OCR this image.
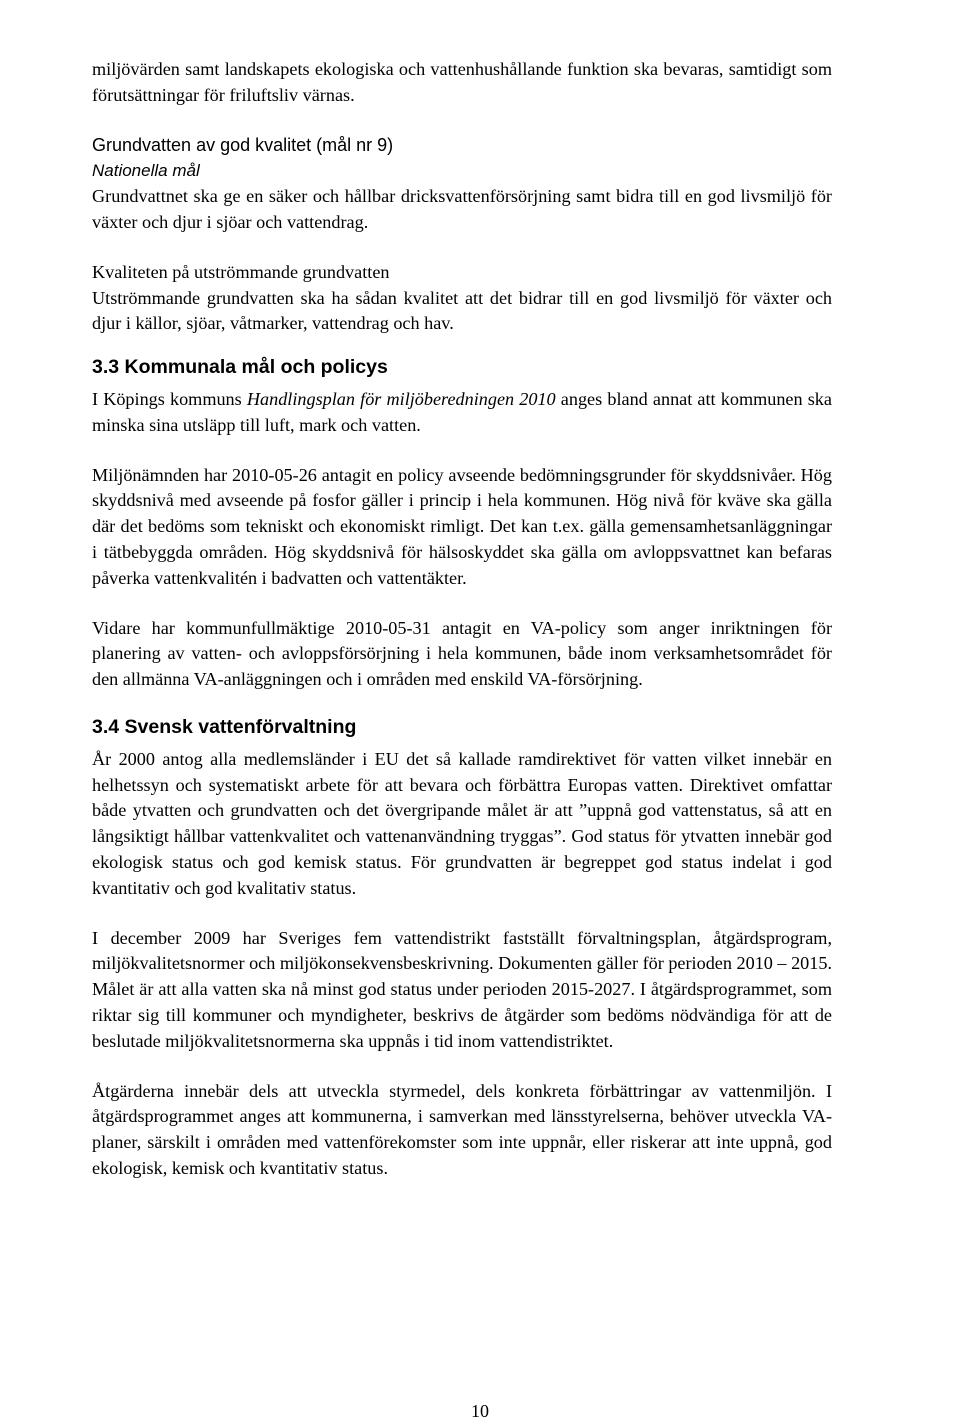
miljövärden samt landskapets ekologiska och vattenhushållande funktion ska bevaras, samtidigt som förutsättningar för friluftsliv värnas.

Grundvatten av god kvalitet (mål nr 9)

Nationella mål

Grundvattnet ska ge en säker och hållbar dricksvattenförsörjning samt bidra till en god livsmiljö för växter och djur i sjöar och vattendrag.

Kvaliteten på utströmmande grundvatten

Utströmmande grundvatten ska ha sådan kvalitet att det bidrar till en god livsmiljö för växter och djur i källor, sjöar, våtmarker, vattendrag och hav.

3.3 Kommunala mål och policys

I Köpings kommuns Handlingsplan för miljöberedningen 2010 anges bland annat att kommunen ska minska sina utsläpp till luft, mark och vatten.

Miljönämnden har 2010-05-26 antagit en policy avseende bedömningsgrunder för skyddsnivåer. Hög skyddsnivå med avseende på fosfor gäller i princip i hela kommunen. Hög nivå för kväve ska gälla där det bedöms som tekniskt och ekonomiskt rimligt. Det kan t.ex. gälla gemensamhetsanläggningar i tätbebyggda områden. Hög skyddsnivå för hälsoskyddet ska gälla om avloppsvattnet kan befaras påverka vattenkvalitén i badvatten och vattentäkter.

Vidare har kommunfullmäktige 2010-05-31 antagit en VA-policy som anger inriktningen för planering av vatten- och avloppsförsörjning i hela kommunen, både inom verksamhetsområdet för den allmänna VA-anläggningen och i områden med enskild VA-försörjning.

3.4 Svensk vattenförvaltning

År 2000 antog alla medlemsländer i EU det så kallade ramdirektivet för vatten vilket innebär en helhetssyn och systematiskt arbete för att bevara och förbättra Europas vatten. Direktivet omfattar både ytvatten och grundvatten och det övergripande målet är att ”uppnå god vattenstatus, så att en långsiktigt hållbar vattenkvalitet och vattenanvändning tryggas”. God status för ytvatten innebär god ekologisk status och god kemisk status. För grundvatten är begreppet god status indelat i god kvantitativ och god kvalitativ status.

I december 2009 har Sveriges fem vattendistrikt fastställt förvaltningsplan, åtgärdsprogram, miljökvalitetsnormer och miljökonsekvensbeskrivning. Dokumenten gäller för perioden 2010 – 2015. Målet är att alla vatten ska nå minst god status under perioden 2015-2027. I åtgärdsprogrammet, som riktar sig till kommuner och myndigheter, beskrivs de åtgärder som bedöms nödvändiga för att de beslutade miljökvalitetsnormerna ska uppnås i tid inom vattendistriktet.

Åtgärderna innebär dels att utveckla styrmedel, dels konkreta förbättringar av vattenmiljön. I åtgärdsprogrammet anges att kommunerna, i samverkan med länsstyrelserna, behöver utveckla VA-planer, särskilt i områden med vattenförekomster som inte uppnår, eller riskerar att inte uppnå, god ekologisk, kemisk och kvantitativ status.

10
